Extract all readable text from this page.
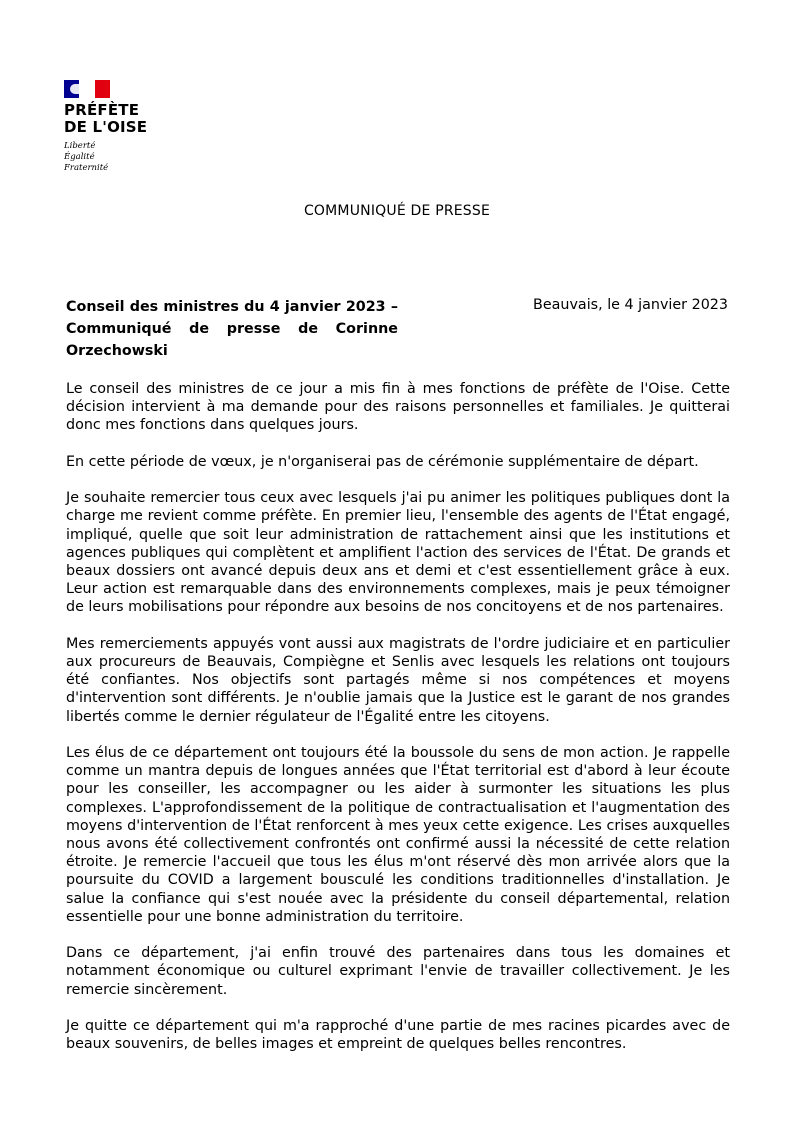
PRÉFÈTE
DE L'OISE
Liberté
Égalité
Fraternité
COMMUNIQUÉ DE PRESSE
Conseil des ministres du 4 janvier 2023 – Communiqué de presse de Corinne Orzechowski
Beauvais, le 4 janvier 2023

Le conseil des ministres de ce jour a mis fin à mes fonctions de préfète de l'Oise. Cette décision intervient à ma demande pour des raisons personnelles et familiales. Je quitterai donc mes fonctions dans quelques jours.

En cette période de vœux, je n'organiserai pas de cérémonie supplémentaire de départ.

Je souhaite remercier tous ceux avec lesquels j'ai pu animer les politiques publiques dont la charge me revient comme préfète. En premier lieu, l'ensemble des agents de l'État engagé, impliqué, quelle que soit leur administration de rattachement ainsi que les institutions et agences publiques qui complètent et amplifient l'action des services de l'État. De grands et beaux dossiers ont avancé depuis deux ans et demi et c'est essentiellement grâce à eux. Leur action est remarquable dans des environnements complexes, mais je peux témoigner de leurs mobilisations pour répondre aux besoins de nos concitoyens et de nos partenaires.

Mes remerciements appuyés vont aussi aux magistrats de l'ordre judiciaire et en particulier aux procureurs de Beauvais, Compiègne et Senlis avec lesquels les relations ont toujours été confiantes. Nos objectifs sont partagés même si nos compétences et moyens d'intervention sont différents. Je n'oublie jamais que la Justice est le garant de nos grandes libertés comme le dernier régulateur de l'Égalité entre les citoyens.

Les élus de ce département ont toujours été la boussole du sens de mon action. Je rappelle comme un mantra depuis de longues années que l'État territorial est d'abord à leur écoute pour les conseiller, les accompagner ou les aider à surmonter les situations les plus complexes. L'approfondissement de la politique de contractualisation et l'augmentation des moyens d'intervention de l'État renforcent à mes yeux cette exigence. Les crises auxquelles nous avons été collectivement confrontés ont confirmé aussi la nécessité de cette relation étroite. Je remercie l'accueil que tous les élus m'ont réservé dès mon arrivée alors que la poursuite du COVID a largement bousculé les conditions traditionnelles d'installation. Je salue la confiance qui s'est nouée avec la présidente du conseil départemental, relation essentielle pour une bonne administration du territoire.

Dans ce département, j'ai enfin trouvé des partenaires dans tous les domaines et notamment économique ou culturel exprimant l'envie de travailler collectivement. Je les remercie sincèrement.

Je quitte ce département qui m'a rapproché d'une partie de mes racines picardes avec de beaux souvenirs, de belles images et empreint de quelques belles rencontres.
